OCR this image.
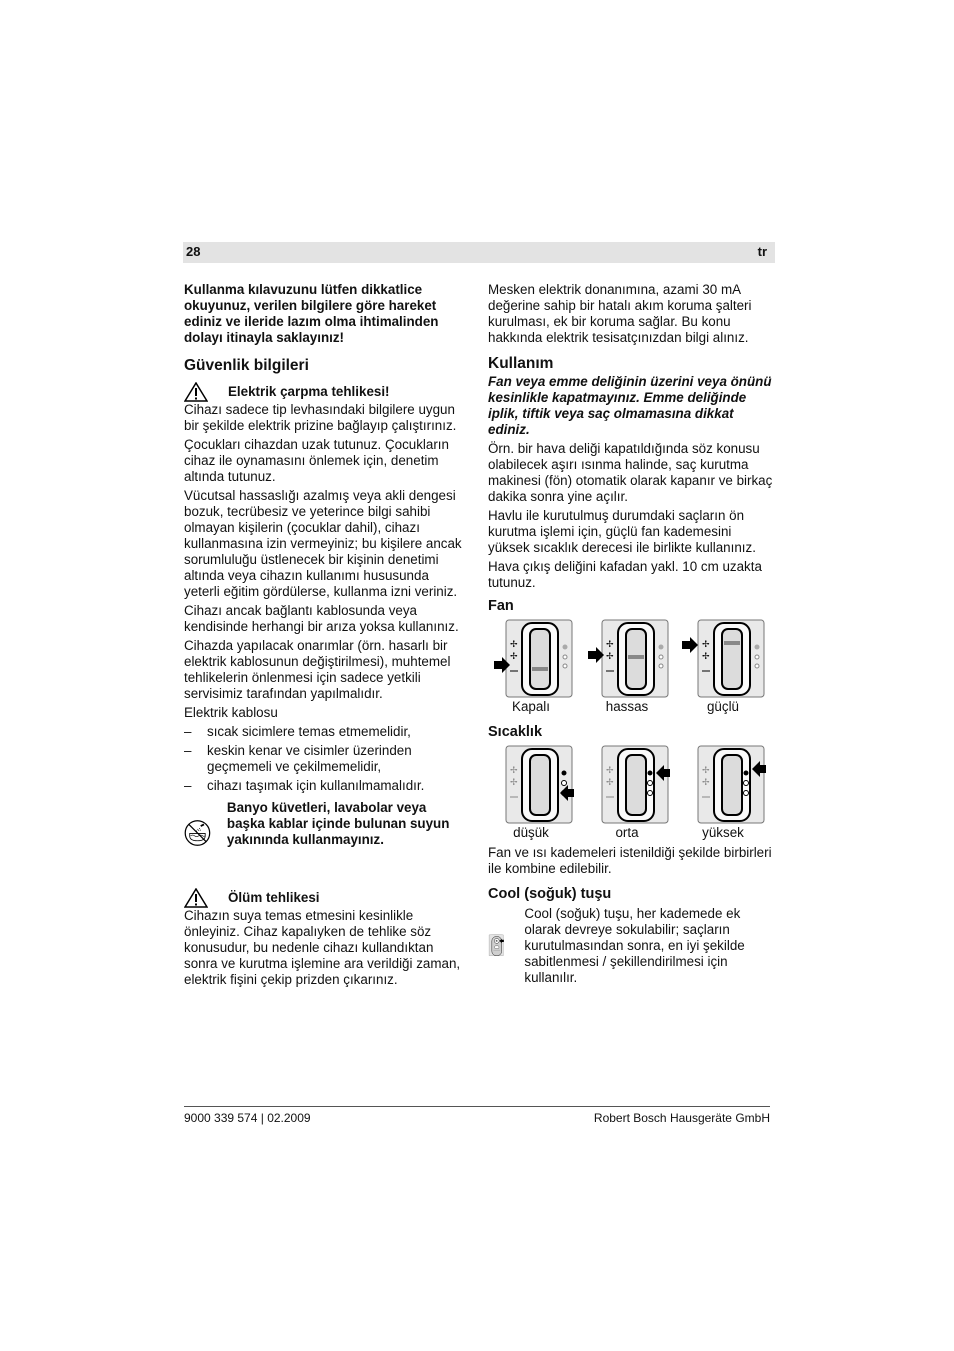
28	tr

Kullanma kılavuzunu lütfen dikkatlice okuyunuz, verilen bilgilere göre hareket ediniz ve ileride lazım olma ihtimalinden dolayı itinayla saklayınız!

Güvenlik bilgileri
Elektrik çarpma tehlikesi!

Cihazı sadece tip levhasındaki bilgilere uygun bir şekilde elektrik prizine bağlayıp çalıştırınız.

Çocukları cihazdan uzak tutunuz. Çocukların cihaz ile oynamasını önlemek için, denetim altında tutunuz.

Vücutsal hassaslığı azalmış veya akli dengesi bozuk, tecrübesiz ve yeterince bilgi sahibi olmayan kişilerin (çocuklar dahil), cihazı kullanmasına izin vermeyiniz; bu kişilere ancak sorumluluğu üstlenecek bir kişinin denetimi altında veya cihazın kullanımı hususunda yeterli eğitim gördülerse, kullanma izni veriniz.

Cihazı ancak bağlantı kablosunda veya kendisinde herhangi bir arıza yoksa kullanınız.

Cihazda yapılacak onarımlar (örn. hasarlı bir elektrik kablosunun değiştirilmesi), muhtemel tehlikelerin önlenmesi için sadece yetkili servisimiz tarafından yapılmalıdır.

Elektrik kablosu

– sıcak sicimlere temas etmemelidir,
– keskin kenar ve cisimler üzerinden geçmemeli ve çekilmemelidir,
– cihazı taşımak için kullanılmamalıdır.
Banyo küvetleri, lavabolar veya başka kablar içinde bulunan suyun yakınında kullanmayınız.
Ölüm tehlikesi

Cihazın suya temas etmesini kesinlikle önleyiniz. Cihaz kapalıyken de tehlike söz konusudur, bu nedenle cihazı kullandıktan sonra ve kurutma işlemine ara verildiği zaman, elektrik fişini çekip prizden çıkarınız.

Mesken elektrik donanımına, azami 30 mA değerine sahip bir hatalı akım koruma şalteri kurulması, ek bir koruma sağlar. Bu konu hakkında elektrik tesisatçınızdan bilgi alınız.

Kullanım

Fan veya emme deliğinin üzerini veya önünü kesinlikle kapatmayınız. Emme deliğinde iplik, tiftik veya saç olmamasına dikkat ediniz.

Örn. bir hava deliği kapatıldığında söz konusu olabilecek aşırı ısınma halinde, saç kurutma makinesi (fön) otomatik olarak kapanır ve birkaç dakika sonra yine açılır.

Havlu ile kurutulmuş durumdaki saçların ön kurutma işlemi için, güçlü fan kademesini yüksek sıcaklık derecesi ile birlikte kullanınız.

Hava çıkış deliğini kafadan yakl. 10 cm uzakta tutunuz.

Fan
✢
✢
Kapalı
✢
✢
hassas
✢
✢
güçlü
Sıcaklık
✢
✢
düşük
✢
✢
orta
✢
✢
yüksek

Fan ve ısı kademeleri istenildiği şekilde birbirleri ile kombine edilebilir.

Cool (soğuk) tuşu
❄
Cool (soğuk) tuşu, her kademede ek olarak devreye sokulabilir; saçların kurutulmasından sonra, en iyi şekilde sabitlenmesi / şekillendirilmesi için kullanılır.
9000 339 574 | 02.2009	Robert Bosch Hausgeräte GmbH
